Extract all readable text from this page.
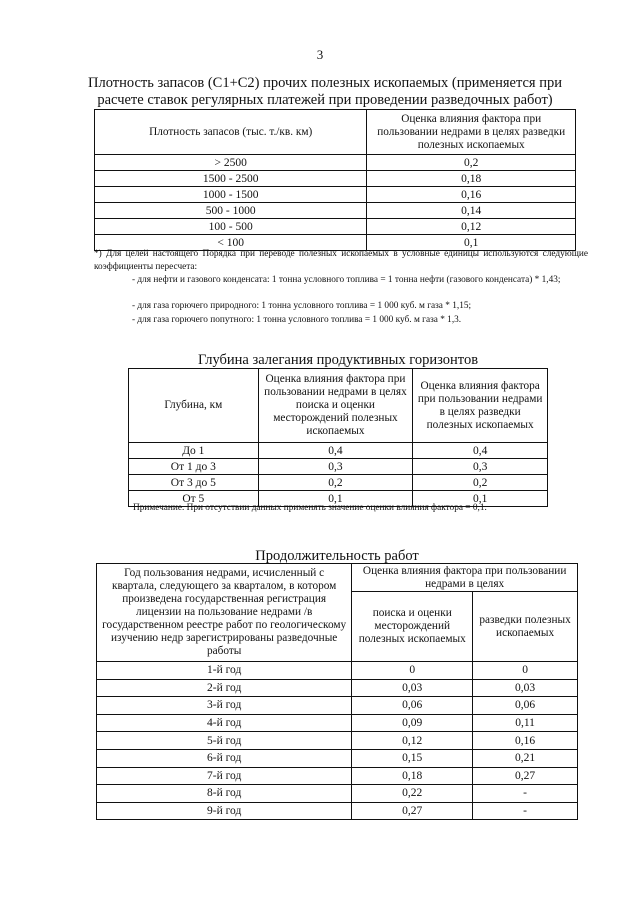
3
Плотность запасов (С1+С2) прочих полезных ископаемых (применяется при
расчете ставок регулярных платежей при проведении разведочных работ)
Плотность запасов (тыс. т./кв. км)	Оценка влияния фактора при пользовании недрами в целях разведки полезных ископаемых
> 2500	0,2
1500 - 2500	0,18
1000 - 1500	0,16
500 - 1000	0,14
100 - 500	0,12
< 100	0,1
*) Для целей настоящего Порядка при переводе полезных ископаемых в условные единицы используются следующие коэффициенты пересчета:
- для нефти и газового конденсата: 1 тонна условного топлива = 1 тонна нефти (газового конденсата) * 1,43;
- для газа горючего природного: 1 тонна условного топлива = 1 000 куб. м газа * 1,15;
- для газа горючего попутного: 1 тонна условного топлива = 1 000 куб. м газа * 1,3.
Глубина залегания продуктивных горизонтов
Глубина, км	Оценка влияния фактора при пользовании недрами в целях поиска и оценки месторождений полезных ископаемых	Оценка влияния фактора при пользовании недрами в целях разведки полезных ископаемых
До 1	0,4	0,4
От 1 до 3	0,3	0,3
От 3 до 5	0,2	0,2
От 5	0,1	0,1
Примечание. При отсутствии данных применять значение оценки влияния фактора = 0,1.
Продолжительность работ
Год пользования недрами, исчисленный с квартала, следующего за кварталом, в котором произведена государственная регистрация лицензии на пользование недрами /в государственном реестре работ по геологическому изучению недр зарегистрированы разведочные работы	Оценка влияния фактора при пользовании недрами в целях	
	поиска и оценки месторождений полезных ископаемых	разведки полезных ископаемых
1-й год	0	0
2-й год	0,03	0,03
3-й год	0,06	0,06
4-й год	0,09	0,11
5-й год	0,12	0,16
6-й год	0,15	0,21
7-й год	0,18	0,27
8-й год	0,22	-
9-й год	0,27	-
